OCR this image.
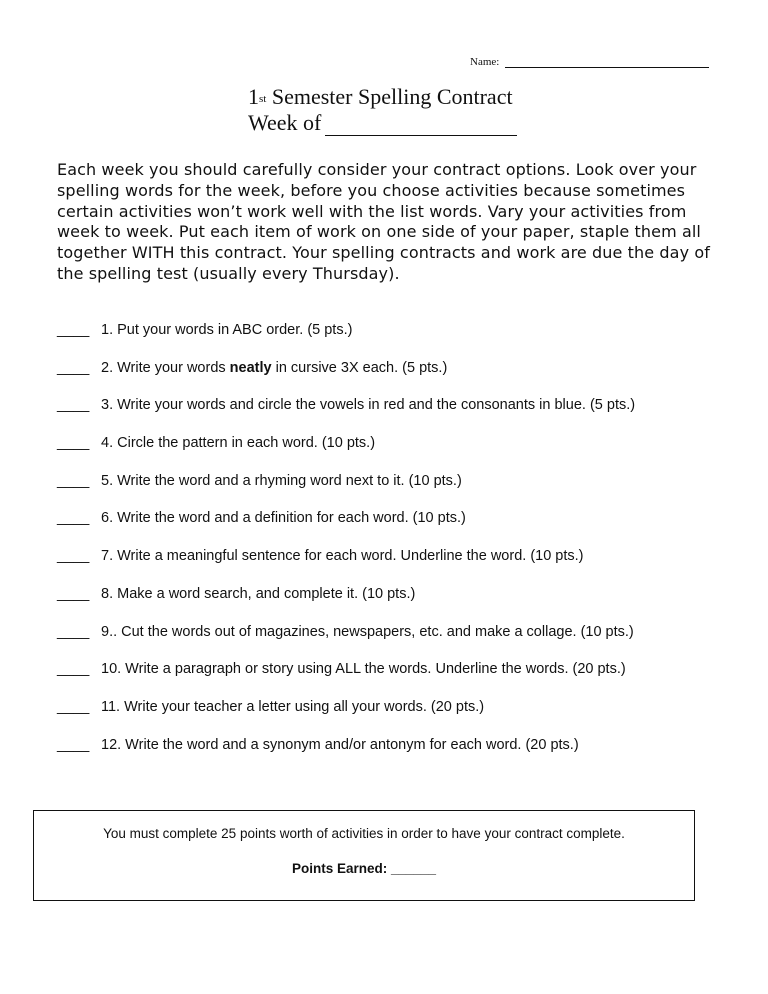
Name:
1st Semester Spelling Contract
Week of
Each week you should carefully consider your contract options. Look over your spelling words for the week, before you choose activities because sometimes certain activities won’t work well with the list words. Vary your activities from week to week. Put each item of work on one side of your paper, staple them all together WITH this contract. Your spelling contracts and work are due the day of the spelling test (usually every Thursday).
____ 1. Put your words in ABC order. (5 pts.)
____ 2. Write your words neatly in cursive 3X each. (5 pts.)
____ 3. Write your words and circle the vowels in red and the consonants in blue. (5 pts.)
____ 4. Circle the pattern in each word. (10 pts.)
____ 5. Write the word and a rhyming word next to it. (10 pts.)
____ 6. Write the word and a definition for each word. (10 pts.)
____ 7. Write a meaningful sentence for each word. Underline the word. (10 pts.)
____ 8. Make a word search, and complete it. (10 pts.)
____ 9.. Cut the words out of magazines, newspapers, etc. and make a collage. (10 pts.)
____ 10. Write a paragraph or story using ALL the words. Underline the words. (20 pts.)
____ 11. Write your teacher a letter using all your words. (20 pts.)
____ 12. Write the word and a synonym and/or antonym for each word. (20 pts.)
You must complete 25 points worth of activities in order to have your contract complete.
Points Earned: ______
